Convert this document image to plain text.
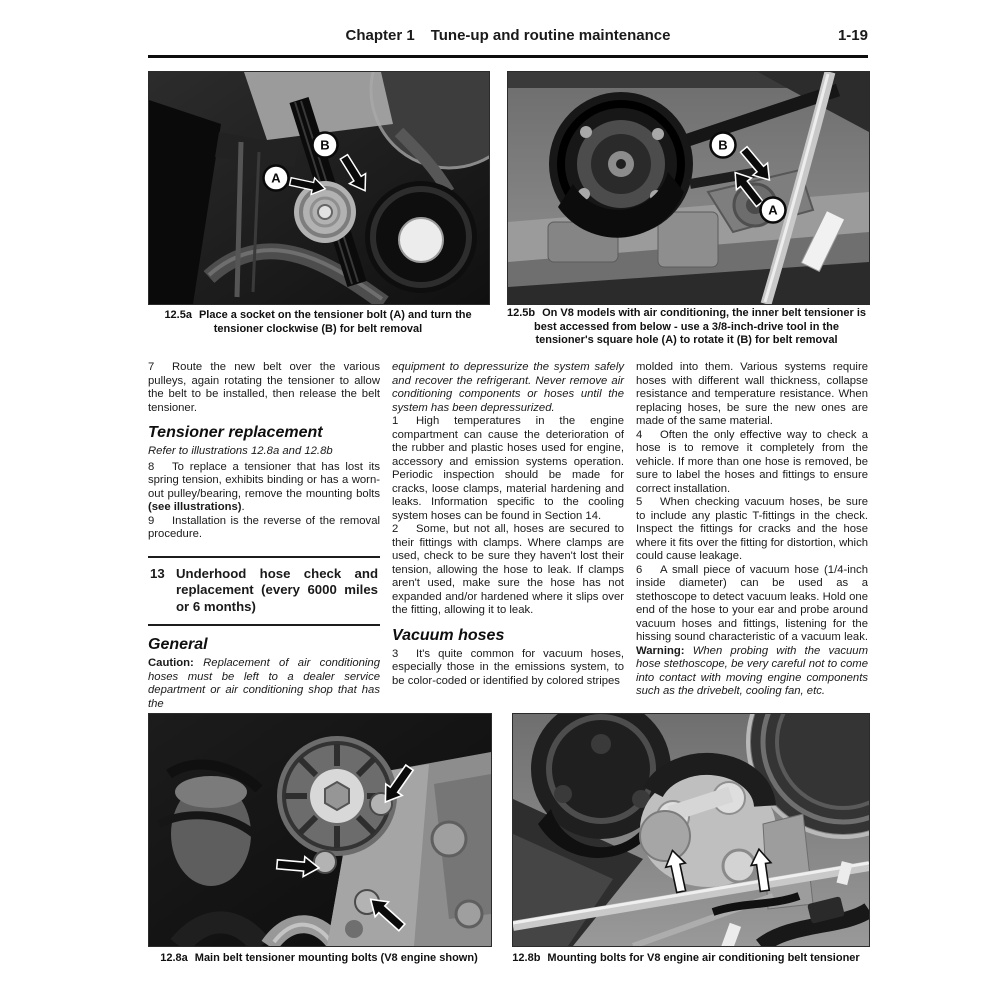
Chapter 1 Tune-up and routine maintenance	1-19
A
B	B
A
12.5a Place a socket on the tensioner bolt (A) and turn the tensioner clockwise (B) for belt removal
12.5b On V8 models with air conditioning, the inner belt tensioner is best accessed from below - use a 3/8-inch-drive tool in the tensioner's square hole (A) to rotate it (B) for belt removal

7 Route the new belt over the various pulleys, again rotating the tensioner to allow the belt to be installed, then release the belt tensioner.

Tensioner replacement

Refer to illustrations 12.8a and 12.8b

8 To replace a tensioner that has lost its spring tension, exhibits binding or has a worn-out pulley/bearing, remove the mounting bolts (see illustrations).

9 Installation is the reverse of the removal procedure.

13 Underhood hose check and replacement (every 6000 miles or 6 months)
General

Caution: Replacement of air conditioning hoses must be left to a dealer service department or air conditioning shop that has the

equipment to depressurize the system safely and recover the refrigerant. Never remove air conditioning components or hoses until the system has been depressurized.

1 High temperatures in the engine compartment can cause the deterioration of the rubber and plastic hoses used for engine, accessory and emission systems operation. Periodic inspection should be made for cracks, loose clamps, material hardening and leaks. Information specific to the cooling system hoses can be found in Section 14.

2 Some, but not all, hoses are secured to their fittings with clamps. Where clamps are used, check to be sure they haven't lost their tension, allowing the hose to leak. If clamps aren't used, make sure the hose has not expanded and/or hardened where it slips over the fitting, allowing it to leak.

Vacuum hoses

3 It's quite common for vacuum hoses, especially those in the emissions system, to be color-coded or identified by colored stripes

molded into them. Various systems require hoses with different wall thickness, collapse resistance and temperature resistance. When replacing hoses, be sure the new ones are made of the same material.

4 Often the only effective way to check a hose is to remove it completely from the vehicle. If more than one hose is removed, be sure to label the hoses and fittings to ensure correct installation.

5 When checking vacuum hoses, be sure to include any plastic T-fittings in the check. Inspect the fittings for cracks and the hose where it fits over the fitting for distortion, which could cause leakage.

6 A small piece of vacuum hose (1/4-inch inside diameter) can be used as a stethoscope to detect vacuum leaks. Hold one end of the hose to your ear and probe around vacuum hoses and fittings, listening for the hissing sound characteristic of a vacuum leak. Warning: When probing with the vacuum hose stethoscope, be very careful not to come into contact with moving engine components such as the drivebelt, cooling fan, etc.

12.8a Main belt tensioner mounting bolts (V8 engine shown)	12.8b Mounting bolts for V8 engine air conditioning belt tensioner
